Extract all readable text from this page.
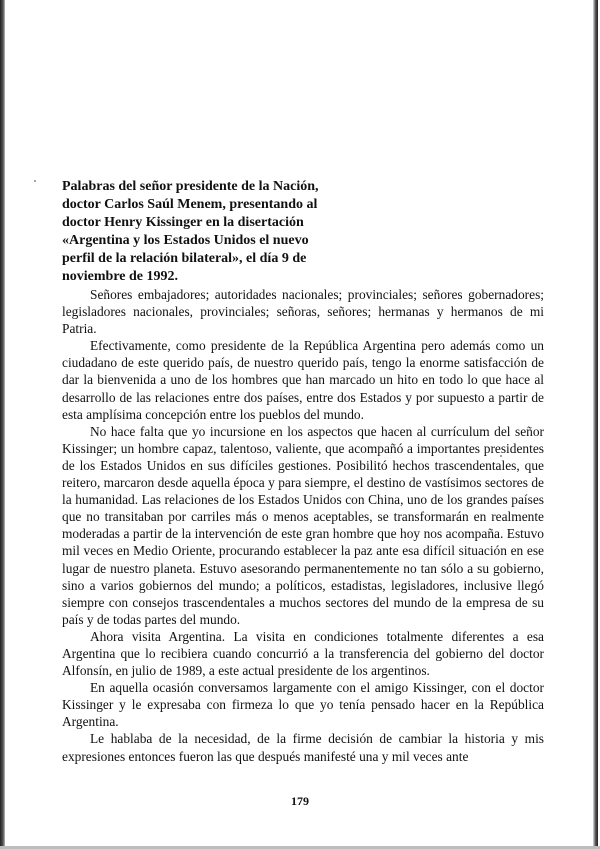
Palabras del señor presidente de la Nación, doctor Carlos Saúl Menem, presentando al doctor Henry Kissinger en la disertación «Argentina y los Estados Unidos el nuevo perfil de la relación bilateral», el día 9 de noviembre de 1992.

Señores embajadores; autoridades nacionales; provinciales; señores gobernadores; legisladores nacionales, provinciales; señoras, señores; hermanas y hermanos de mi Patria.

Efectivamente, como presidente de la República Argentina pero además como un ciudadano de este querido país, de nuestro querido país, tengo la enorme satisfacción de dar la bienvenida a uno de los hombres que han marcado un hito en todo lo que hace al desarrollo de las relaciones entre dos países, entre dos Estados y por supuesto a partir de esta amplísima concepción entre los pueblos del mundo.

No hace falta que yo incursione en los aspectos que hacen al currículum del señor Kissinger; un hombre capaz, talentoso, valiente, que acompañó a importantes presidentes de los Estados Unidos en sus difíciles gestiones. Posibilitó hechos trascendentales, que reitero, marcaron desde aquella época y para siempre, el destino de vastísimos sectores de la humanidad. Las relaciones de los Estados Unidos con China, uno de los grandes países que no transitaban por carriles más o menos aceptables, se transformarán en realmente moderadas a partir de la intervención de este gran hombre que hoy nos acompaña. Estuvo mil veces en Medio Oriente, procurando establecer la paz ante esa difícil situación en ese lugar de nuestro planeta. Estuvo asesorando permanentemente no tan sólo a su gobierno, sino a varios gobiernos del mundo; a políticos, estadistas, legisladores, inclusive llegó siempre con consejos trascendentales a muchos sectores del mundo de la empresa de su país y de todas partes del mundo.

Ahora visita Argentina. La visita en condiciones totalmente diferentes a esa Argentina que lo recibiera cuando concurrió a la transferencia del gobierno del doctor Alfonsín, en julio de 1989, a este actual presidente de los argentinos.

En aquella ocasión conversamos largamente con el amigo Kissinger, con el doctor Kissinger y le expresaba con firmeza lo que yo tenía pensado hacer en la República Argentina.

Le hablaba de la necesidad, de la firme decisión de cambiar la historia y mis expresiones entonces fueron las que después manifesté una y mil veces ante

179
